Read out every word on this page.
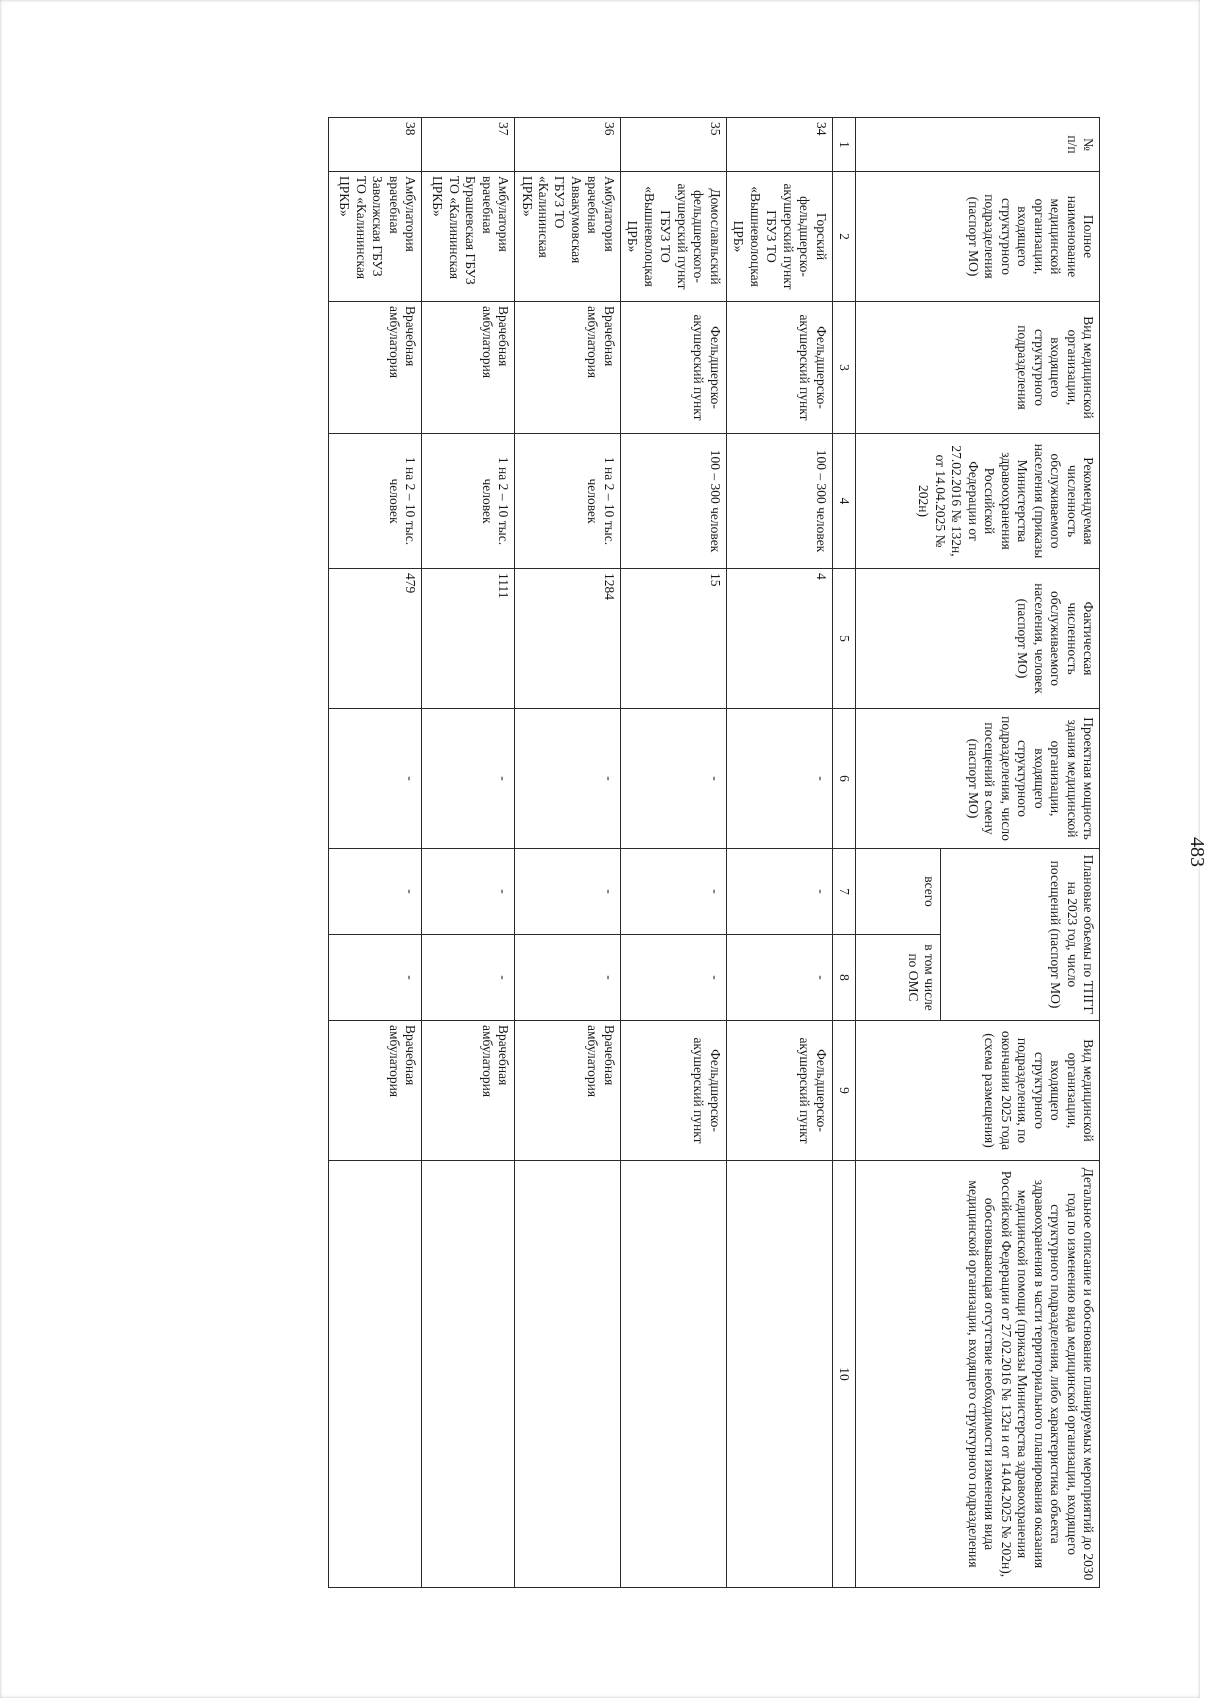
483
№
п/п	Полное наименование медицинской организации, входящего структурного подразделения (паспорт МО)	Вид медицинской организации, входящего структурного подразделения	Рекомендуемая численность обслуживаемого населения (приказы Министерства здравоохранения Российской Федерации от 27.02.2016 № 132н, от 14.04.2025 № 202н)	Фактическая численность обслуживаемого населения, человек (паспорт МО)	Проектная мощность здания медицинской организации, входящего структурного подразделения, число посещений в смену (паспорт МО)	Плановые объемы по ТПГГ на 2023 год, число посещений (паспорт МО)		Вид медицинской организации, входящего структурного подразделения, по окончании 2025 года (схема размещения)	Детальное описание и обоснование планируемых мероприятий до 2030 года по изменению вида медицинской организации, входящего структурного подразделения, либо характеристика объекта здравоохранения в части территориального планирования оказания медицинской помощи (приказы Министерства здравоохранения Российской Федерации от 27.02.2016 № 132н и от 14.04.2025 № 202н), обосновывающая отсутствие необходимости изменения вида медицинской организации, входящего структурного подразделения
						всего	в том числе по ОМС		
1	2	3	4	5	6	7	8	9	10
34	Горский фельдшерско-акушерский пункт ГБУЗ ТО «Вышневолоцкая ЦРБ»	Фельдшерско-акушерский пункт	100 – 300 человек	4	-	-	-	Фельдшерско-акушерский пункт	
35	Домославльский фельдшерского-акушерский пункт ГБУЗ ТО «Вышневолоцкая ЦРБ»	Фельдшерско-акушерский пункт	100 – 300 человек	15	-	-	-	Фельдшерско-акушерский пункт	
36	Амбулатория врачебная Аввакумовская ГБУЗ ТО «Калининская ЦРКБ»	Врачебная амбулатория	1 на 2 – 10 тыс. человек	1284	-	-	-	Врачебная амбулатория	
37	Амбулатория врачебная Бурашевская ГБУЗ ТО «Калининская ЦРКБ»	Врачебная амбулатория	1 на 2 – 10 тыс. человек	1111	-	-	-	Врачебная амбулатория	
38	Амбулатория врачебная Заволжская ГБУЗ ТО «Калининская ЦРКБ»	Врачебная амбулатория	1 на 2 – 10 тыс. человек	479	-	-	-	Врачебная амбулатория	
